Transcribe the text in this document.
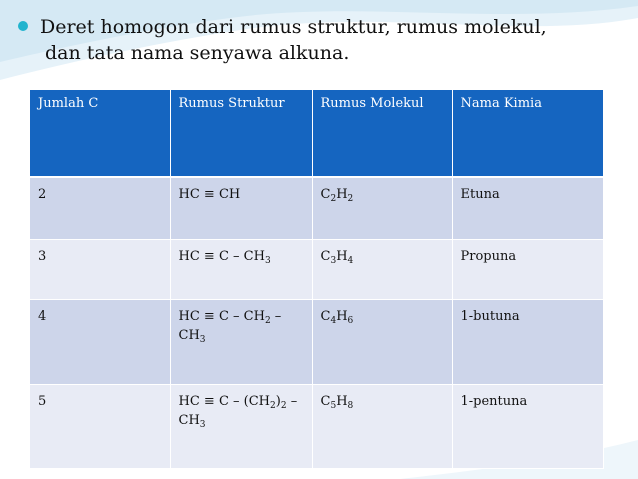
Deret homogon dari rumus struktur, rumus molekul,
dan tata nama senyawa alkuna.
Jumlah C	Rumus Struktur	Rumus Molekul	Nama Kimia
2	HC ≡ CH	$C_2H_2$	Etuna
3	HC ≡ C – $CH_3$	$C_3H_4$	Propuna
4	HC ≡ C – $CH_2$ –
$CH_3$	$C_4H_6$	1-butuna
5	HC ≡ C – $(CH_2)_2$ –
$CH_3$	$C_5H_8$	1-pentuna
